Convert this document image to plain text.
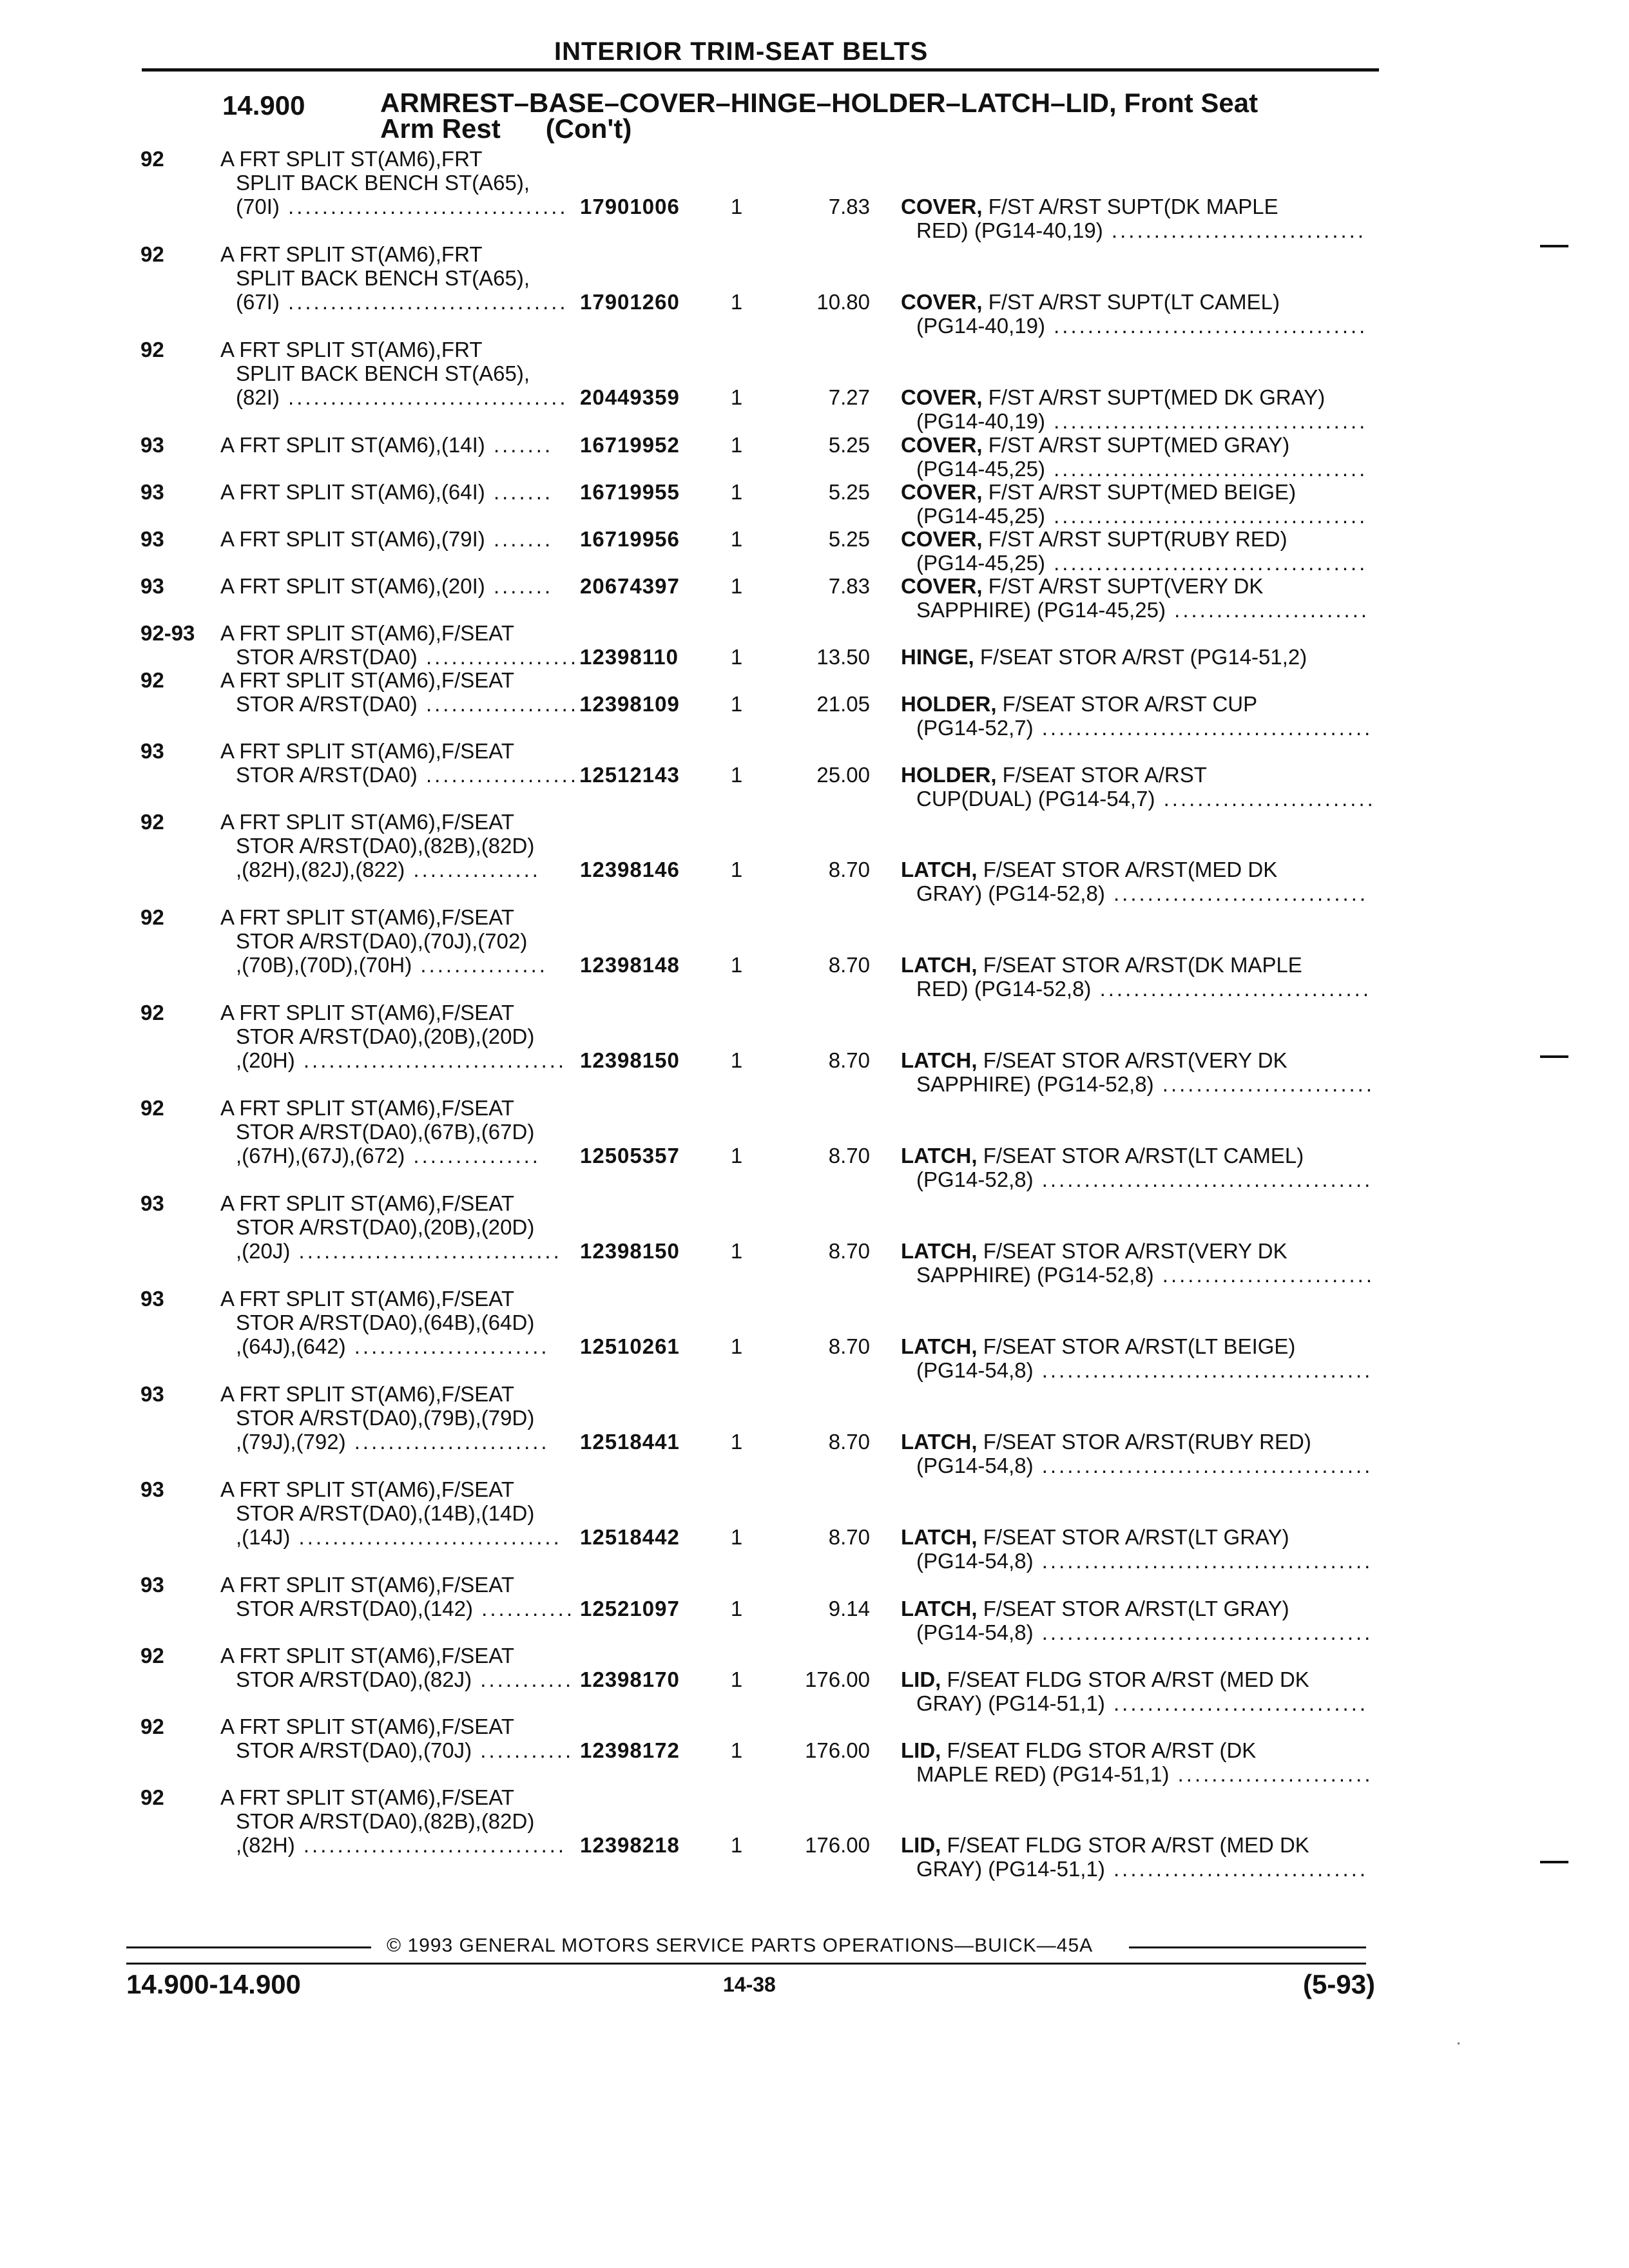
INTERIOR TRIM-SEAT BELTS
14.900	ARMREST–BASE–COVER–HINGE–HOLDER–LATCH–LID, Front Seat
Arm Rest (Con't)
92	A FRT SPLIT ST(AM6),FRT
SPLIT BACK BENCH ST(A65),
(70I) ................................. 17901006	1	7.83 COVER, F/ST A/RST SUPT(DK MAPLE
RED) (PG14-40,19) ..............................
92	A FRT SPLIT ST(AM6),FRT
SPLIT BACK BENCH ST(A65),
(67I) ................................. 17901260	1	10.80 COVER, F/ST A/RST SUPT(LT CAMEL)
(PG14-40,19) .....................................
92	A FRT SPLIT ST(AM6),FRT
SPLIT BACK BENCH ST(A65),
(82I) ................................. 20449359	1	7.27 COVER, F/ST A/RST SUPT(MED DK GRAY)
(PG14-40,19) .....................................
93	A FRT SPLIT ST(AM6),(14I) .......	16719952	1	5.25 COVER, F/ST A/RST SUPT(MED GRAY)
(PG14-45,25) .....................................
93	A FRT SPLIT ST(AM6),(64I) .......	16719955	1	5.25 COVER, F/ST A/RST SUPT(MED BEIGE)
(PG14-45,25) .....................................
93	A FRT SPLIT ST(AM6),(79I) .......	16719956	1	5.25 COVER, F/ST A/RST SUPT(RUBY RED)
(PG14-45,25) .....................................
93	A FRT SPLIT ST(AM6),(20I) .......	20674397	1	7.83 COVER, F/ST A/RST SUPT(VERY DK
SAPPHIRE) (PG14-45,25) .......................
92-93 A FRT SPLIT ST(AM6),F/SEAT
STOR A/RST(DA0) ...................
12398110	1	13.50 HINGE, F/SEAT STOR A/RST (PG14-51,2)
92	A FRT SPLIT ST(AM6),F/SEAT
STOR A/RST(DA0) ...................
12398109	1	21.05 HOLDER, F/SEAT STOR A/RST CUP
(PG14-52,7) .......................................
93	A FRT SPLIT ST(AM6),F/SEAT
STOR A/RST(DA0) ...................
12512143	1	25.00 HOLDER, F/SEAT STOR A/RST
CUP(DUAL) (PG14-54,7) .........................
92	A FRT SPLIT ST(AM6),F/SEAT
STOR A/RST(DA0),(82B),(82D)
,(82H),(82J),(822) ...............	12398146	1	8.70 LATCH, F/SEAT STOR A/RST(MED DK
GRAY) (PG14-52,8) ..............................
92	A FRT SPLIT ST(AM6),F/SEAT
STOR A/RST(DA0),(70J),(702)
,(70B),(70D),(70H) ...............	12398148	1	8.70 LATCH, F/SEAT STOR A/RST(DK MAPLE
RED) (PG14-52,8) ................................
92	A FRT SPLIT ST(AM6),F/SEAT
STOR A/RST(DA0),(20B),(20D)
,(20H) ............................... 12398150	1	8.70 LATCH, F/SEAT STOR A/RST(VERY DK
SAPPHIRE) (PG14-52,8) .........................
92	A FRT SPLIT ST(AM6),F/SEAT
STOR A/RST(DA0),(67B),(67D)
,(67H),(67J),(672) ...............	12505357	1	8.70 LATCH, F/SEAT STOR A/RST(LT CAMEL)
(PG14-52,8) .......................................
93	A FRT SPLIT ST(AM6),F/SEAT
STOR A/RST(DA0),(20B),(20D)
,(20J) ............................... 12398150	1	8.70 LATCH, F/SEAT STOR A/RST(VERY DK
SAPPHIRE) (PG14-52,8) .........................
93	A FRT SPLIT ST(AM6),F/SEAT
STOR A/RST(DA0),(64B),(64D)
,(64J),(642) .......................	12510261	1	8.70 LATCH, F/SEAT STOR A/RST(LT BEIGE)
(PG14-54,8) .......................................
93	A FRT SPLIT ST(AM6),F/SEAT
STOR A/RST(DA0),(79B),(79D)
,(79J),(792) .......................	12518441	1	8.70 LATCH, F/SEAT STOR A/RST(RUBY RED)
(PG14-54,8) .......................................
93	A FRT SPLIT ST(AM6),F/SEAT
STOR A/RST(DA0),(14B),(14D)
,(14J) ............................... 12518442	1	8.70 LATCH, F/SEAT STOR A/RST(LT GRAY)
(PG14-54,8) .......................................
93	A FRT SPLIT ST(AM6),F/SEAT
STOR A/RST(DA0),(142) ........... 12521097	1	9.14 LATCH, F/SEAT STOR A/RST(LT GRAY)
(PG14-54,8) .......................................
92	A FRT SPLIT ST(AM6),F/SEAT
STOR A/RST(DA0),(82J) ........... 12398170	1	176.00 LID, F/SEAT FLDG STOR A/RST (MED DK
GRAY) (PG14-51,1) ..............................
92	A FRT SPLIT ST(AM6),F/SEAT
STOR A/RST(DA0),(70J) ........... 12398172	1	176.00 LID, F/SEAT FLDG STOR A/RST (DK
MAPLE RED) (PG14-51,1) .......................
92	A FRT SPLIT ST(AM6),F/SEAT
STOR A/RST(DA0),(82B),(82D)
,(82H) ............................... 12398218	1	176.00 LID, F/SEAT FLDG STOR A/RST (MED DK
GRAY) (PG14-51,1) ..............................
© 1993 GENERAL MOTORS SERVICE PARTS OPERATIONS—BUICK—45A
14.900-14.900	14-38	(5-93)
